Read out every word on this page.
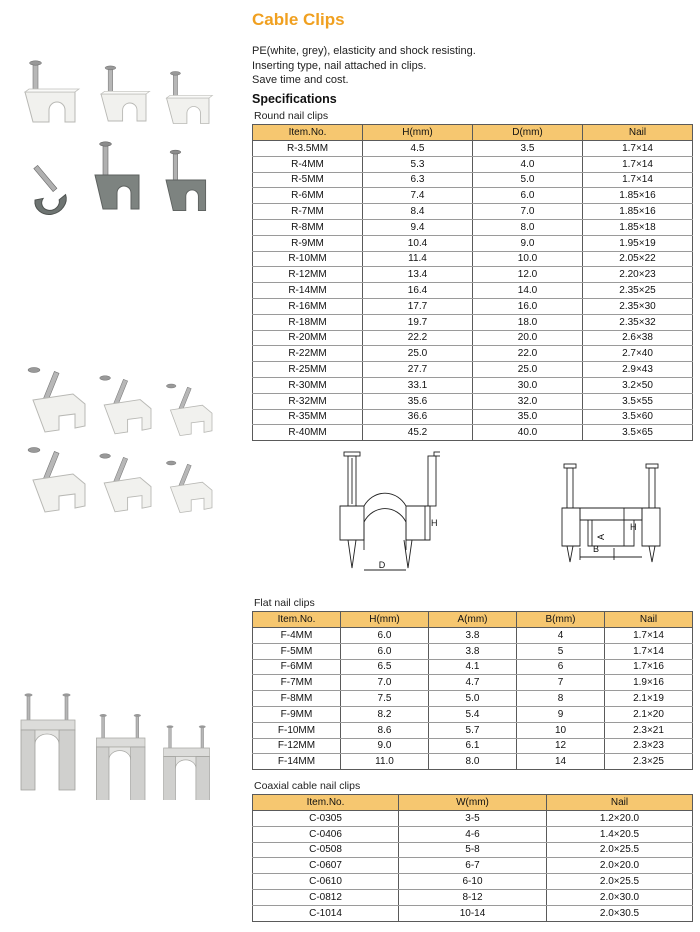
Cable Clips
PE(white, grey), elasticity and shock resisting.
Inserting type, nail attached in clips.
Save time and cost.
Specifications
Round nail clips
Item.No.	H(mm)	D(mm)	Nail
R-3.5MM	4.5	3.5	1.7×14
R-4MM	5.3	4.0	1.7×14
R-5MM	6.3	5.0	1.7×14
R-6MM	7.4	6.0	1.85×16
R-7MM	8.4	7.0	1.85×16
R-8MM	9.4	8.0	1.85×18
R-9MM	10.4	9.0	1.95×19
R-10MM	11.4	10.0	2.05×22
R-12MM	13.4	12.0	2.20×23
R-14MM	16.4	14.0	2.35×25
R-16MM	17.7	16.0	2.35×30
R-18MM	19.7	18.0	2.35×32
R-20MM	22.2	20.0	2.6×38
R-22MM	25.0	22.0	2.7×40
R-25MM	27.7	25.0	2.9×43
R-30MM	33.1	30.0	3.2×50
R-32MM	35.6	32.0	3.5×55
R-35MM	36.6	35.0	3.5×60
R-40MM	45.2	40.0	3.5×65
Flat nail clips
Item.No.	H(mm)	A(mm)	B(mm)	Nail
F-4MM	6.0	3.8	4	1.7×14
F-5MM	6.0	3.8	5	1.7×14
F-6MM	6.5	4.1	6	1.7×16
F-7MM	7.0	4.7	7	1.9×16
F-8MM	7.5	5.0	8	2.1×19
F-9MM	8.2	5.4	9	2.1×20
F-10MM	8.6	5.7	10	2.3×21
F-12MM	9.0	6.1	12	2.3×23
F-14MM	11.0	8.0	14	2.3×25
Coaxial cable nail clips
Item.No.	W(mm)	Nail
C-0305	3-5	1.2×20.0
C-0406	4-6	1.4×20.5
C-0508	5-8	2.0×25.5
C-0607	6-7	2.0×20.0
C-0610	6-10	2.0×25.5
C-0812	8-12	2.0×30.0
C-1014	10-14	2.0×30.5
D
H
B
A
H
